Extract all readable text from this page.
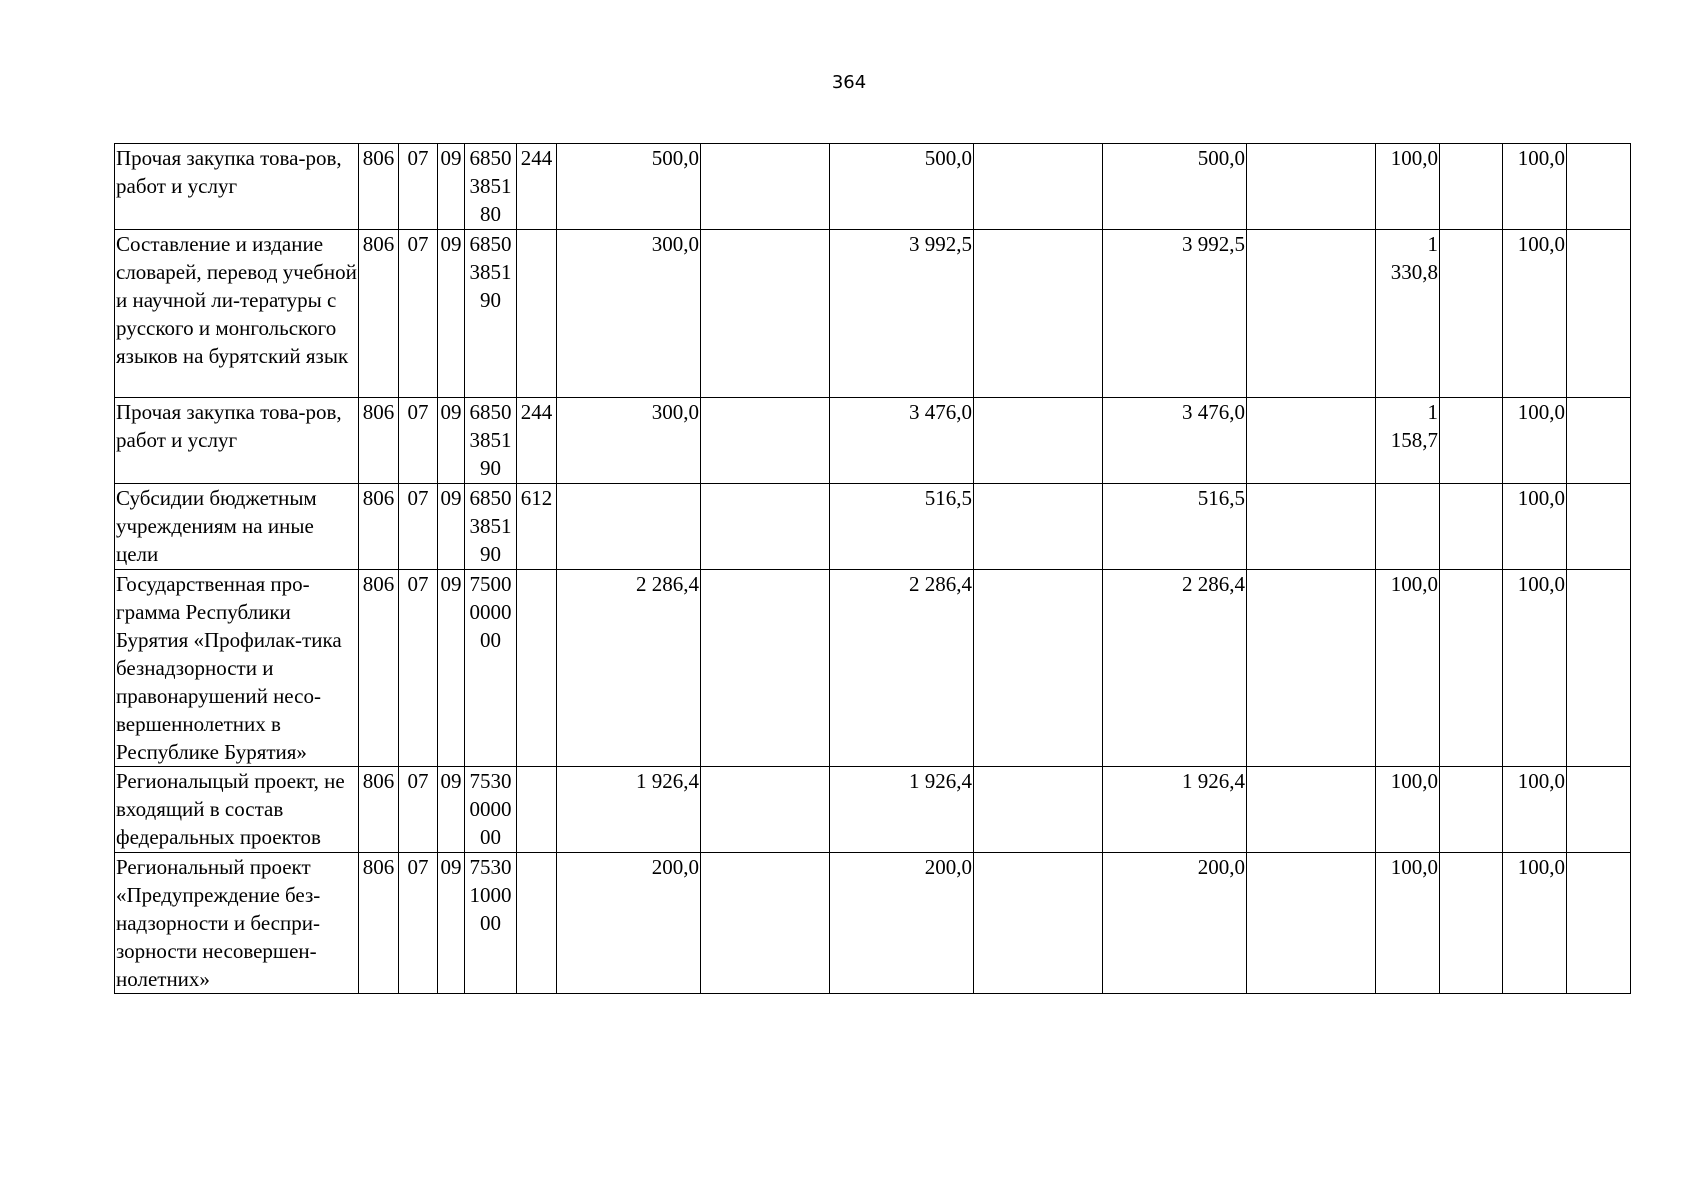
364
Прочая закупка това-ров, работ и услуг	806	07	09	6850 3851 80	244	500,0		500,0		500,0		100,0		100,0	
Составление и издание словарей, перевод учебной и научной ли-тературы с русского и монгольского языков на бурятский язык	806	07	09	6850 3851 90		300,0		3 992,5		3 992,5		1 330,8		100,0	
Прочая закупка това-ров, работ и услуг	806	07	09	6850 3851 90	244	300,0		3 476,0		3 476,0		1 158,7		100,0	
Субсидии бюджетным учреждениям на иные цели	806	07	09	6850 3851 90	612			516,5		516,5				100,0	
Государственная про-грамма Республики Бурятия «Профилак-тика безнадзорности и правонарушений несо-вершеннолетних в Республике Бурятия»	806	07	09	7500 0000 00		2 286,4		2 286,4		2 286,4		100,0		100,0	
Регионалыцый проект, не входящий в состав федеральных проектов	806	07	09	7530 0000 00		1 926,4		1 926,4		1 926,4		100,0		100,0	
Региональный проект «Предупреждение без-надзорности и беспри-зорности несовершен-нолетних»	806	07	09	7530 1000 00		200,0		200,0		200,0		100,0		100,0	
